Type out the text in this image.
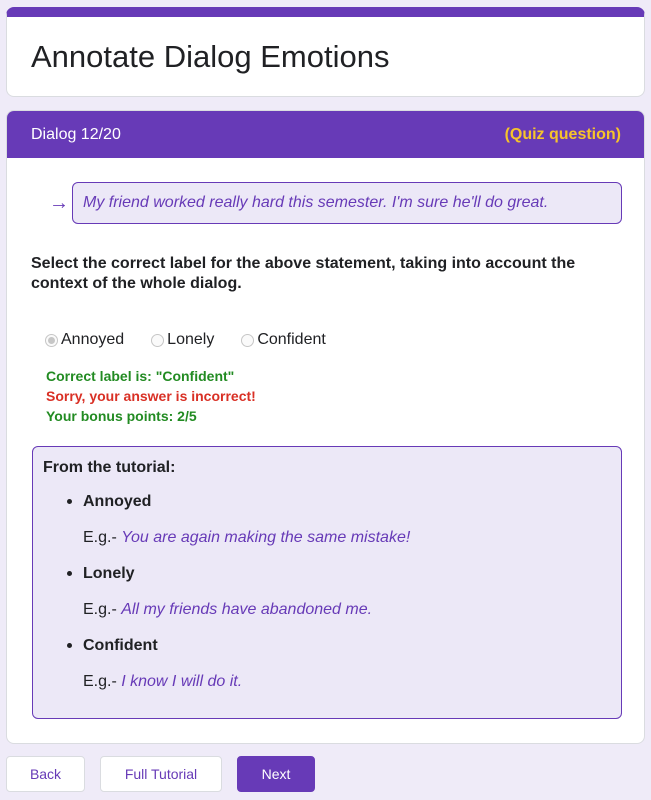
Annotate Dialog Emotions
Dialog 12/20	(Quiz question)
→ My friend worked really hard this semester. I'm sure he'll do great.
Select the correct label for the above statement, taking into account the context of the whole dialog.
Annoyed	Lonely	Confident
Correct label is: "Confident"
Sorry, your answer is incorrect!
Your bonus points: 2/5
From the tutorial:
Annoyed
E.g.- You are again making the same mistake!
Lonely
E.g.- All my friends have abandoned me.
Confident
E.g.- I know I will do it.
Back	Full Tutorial	Next
